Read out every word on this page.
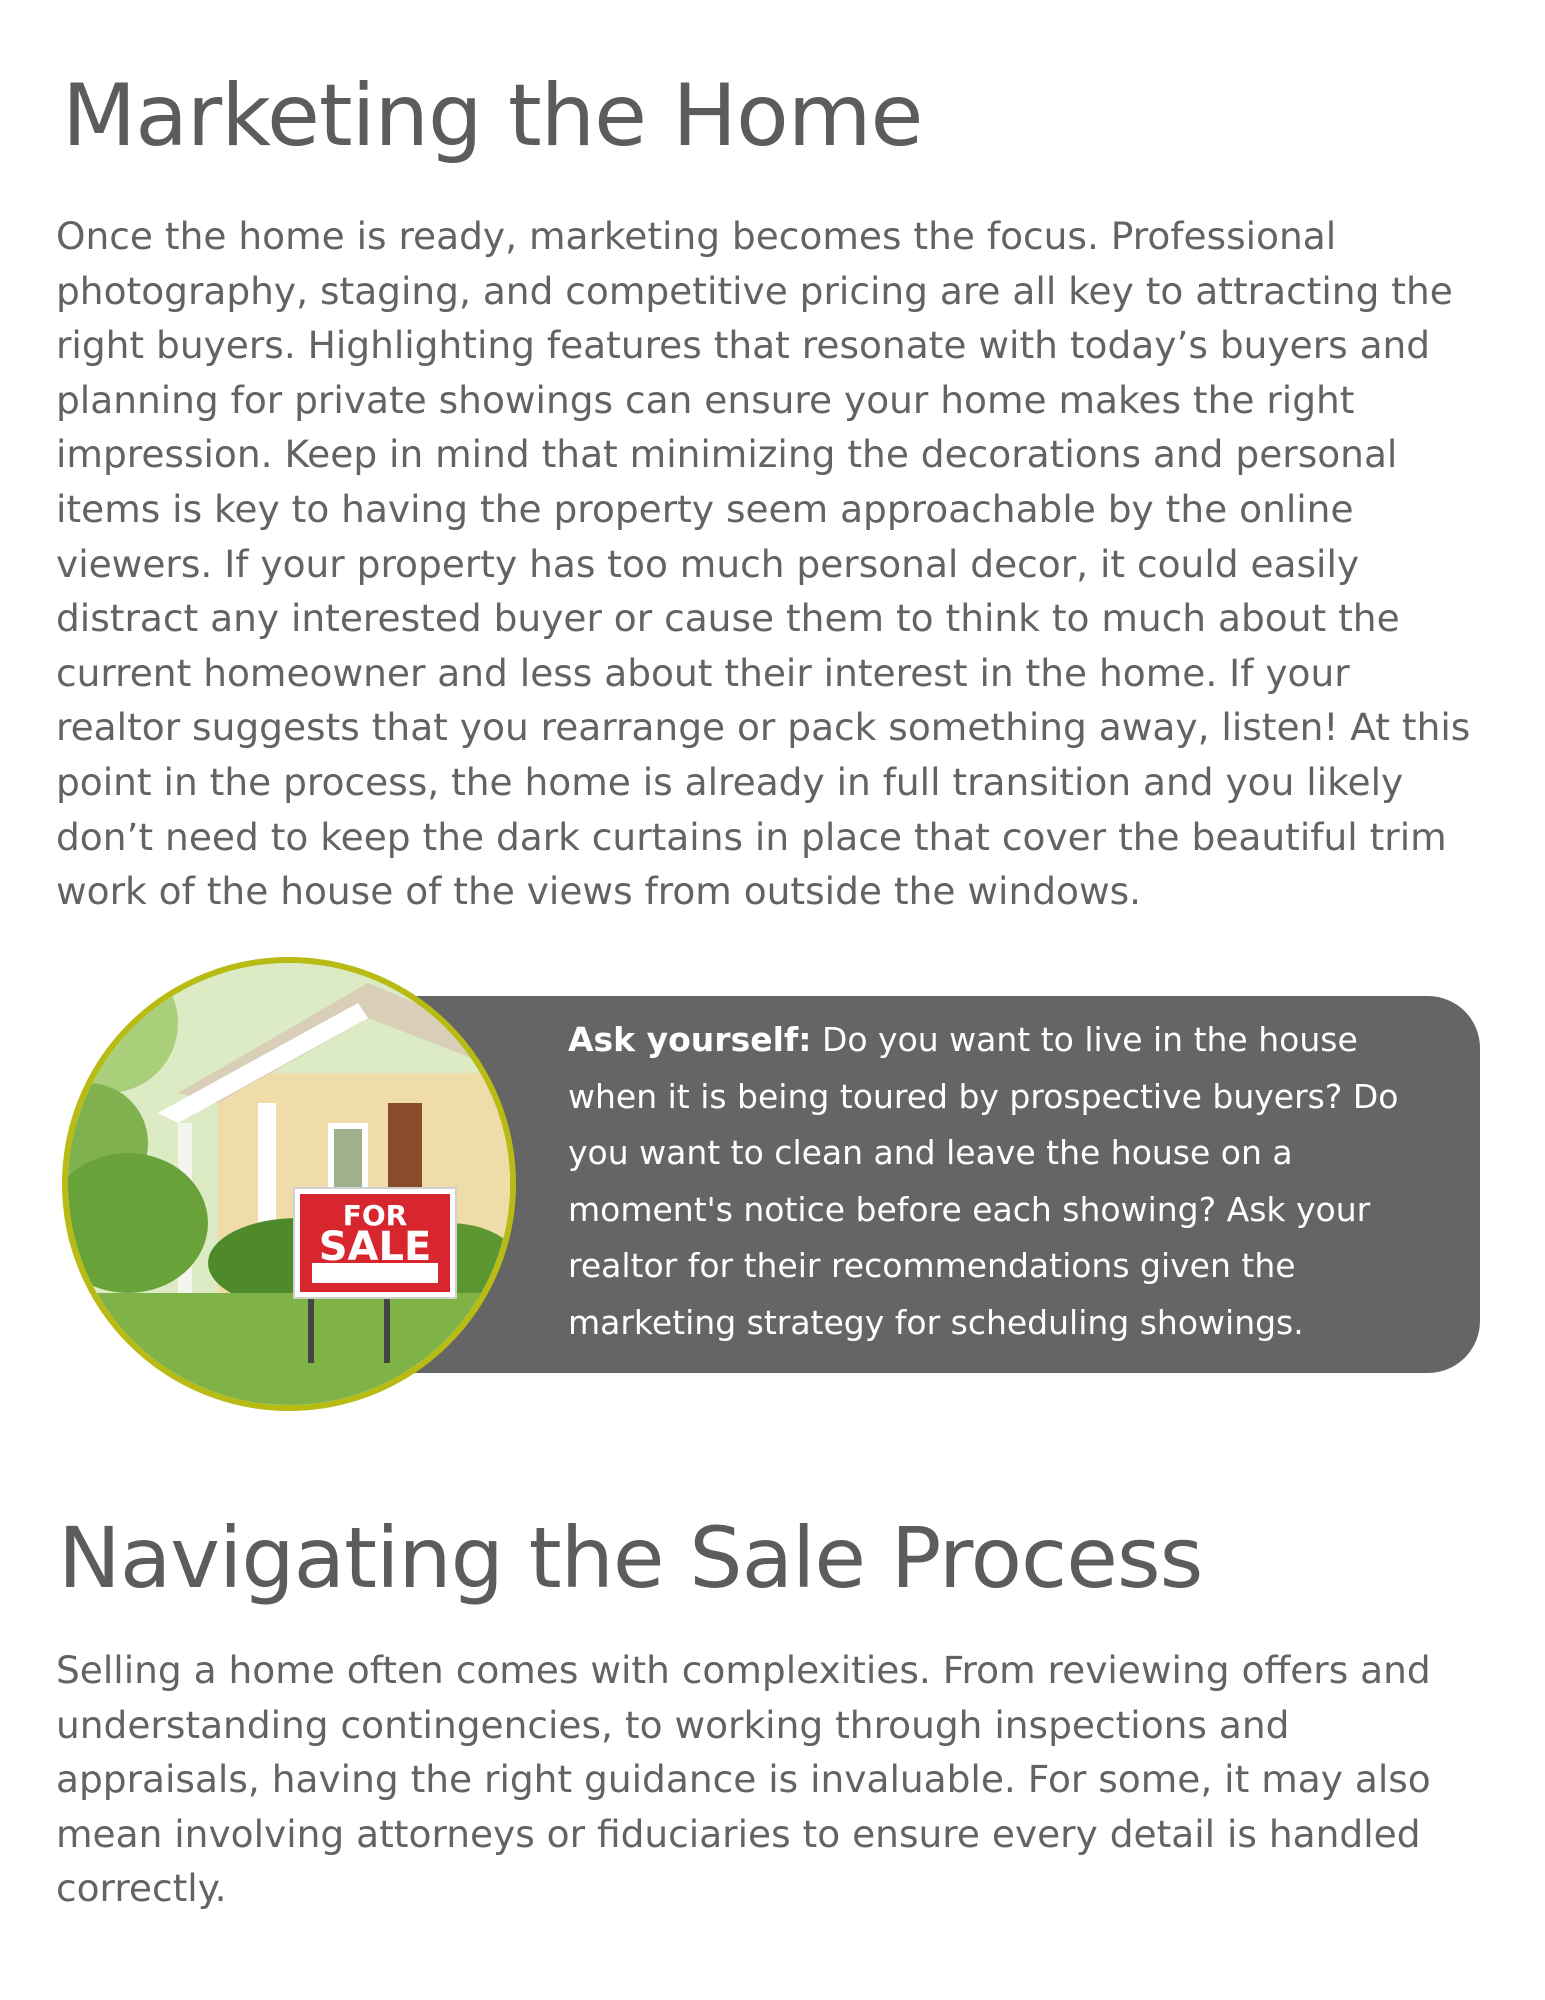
Marketing the Home

Once the home is ready, marketing becomes the focus. Professional photography, staging, and competitive pricing are all key to attracting the right buyers. Highlighting features that resonate with today’s buyers and planning for private showings can ensure your home makes the right impression. Keep in mind that minimizing the decorations and personal items is key to having the property seem approachable by the online viewers. If your property has too much personal decor, it could easily distract any interested buyer or cause them to think to much about the current homeowner and less about their interest in the home. If your realtor suggests that you rearrange or pack something away, listen! At this point in the process, the home is already in full transition and you likely don’t need to keep the dark curtains in place that cover the beautiful trim work of the house of the views from outside the windows.

Ask yourself: Do you want to live in the house when it is being toured by prospective buyers? Do you want to clean and leave the house on a moment's notice before each showing? Ask your realtor for their recommendations given the marketing strategy for scheduling showings.

FOR
SALE
Navigating the Sale Process

Selling a home often comes with complexities. From reviewing offers and understanding contingencies, to working through inspections and appraisals, having the right guidance is invaluable. For some, it may also mean involving attorneys or fiduciaries to ensure every detail is handled correctly.
